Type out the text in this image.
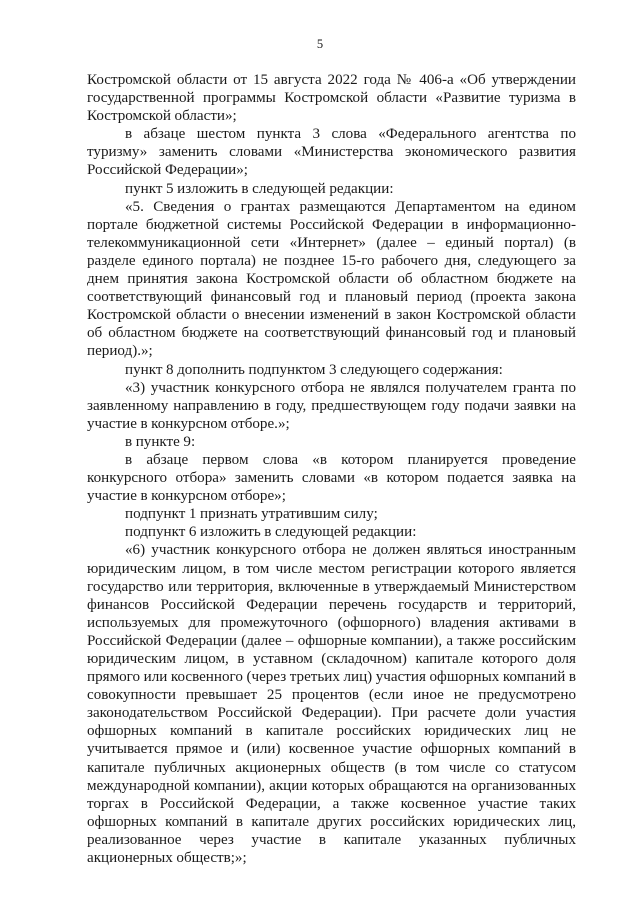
5

Костромской области от 15 августа 2022 года № 406-а «Об утверждении государственной программы Костромской области «Развитие туризма в Костромской области»;

в абзаце шестом пункта 3 слова «Федерального агентства по туризму» заменить словами «Министерства экономического развития Российской Федерации»;

пункт 5 изложить в следующей редакции:

«5. Сведения о грантах размещаются Департаментом на едином портале бюджетной системы Российской Федерации в информационно-телекоммуникационной сети «Интернет» (далее – единый портал) (в разделе единого портала) не позднее 15-го рабочего дня, следующего за днем принятия закона Костромской области об областном бюджете на соответствующий финансовый год и плановый период (проекта закона Костромской области о внесении изменений в закон Костромской области об областном бюджете на соответствующий финансовый год и плановый период).»;

пункт 8 дополнить подпунктом 3 следующего содержания:

«3) участник конкурсного отбора не являлся получателем гранта по заявленному направлению в году, предшествующем году подачи заявки на участие в конкурсном отборе.»;

в пункте 9:

в абзаце первом слова «в котором планируется проведение конкурсного отбора» заменить словами «в котором подается заявка на участие в конкурсном отборе»;

подпункт 1 признать утратившим силу;

подпункт 6 изложить в следующей редакции:

«6) участник конкурсного отбора не должен являться иностранным юридическим лицом, в том числе местом регистрации которого является государство или территория, включенные в утверждаемый Министерством финансов Российской Федерации перечень государств и территорий, используемых для промежуточного (офшорного) владения активами в Российской Федерации (далее – офшорные компании), а также российским юридическим лицом, в уставном (складочном) капитале которого доля прямого или косвенного (через третьих лиц) участия офшорных компаний в совокупности превышает 25 процентов (если иное не предусмотрено законодательством Российской Федерации). При расчете доли участия офшорных компаний в капитале российских юридических лиц не учитывается прямое и (или) косвенное участие офшорных компаний в капитале публичных акционерных обществ (в том числе со статусом международной компании), акции которых обращаются на организованных торгах в Российской Федерации, а также косвенное участие таких офшорных компаний в капитале других российских юридических лиц, реализованное через участие в капитале указанных публичных акционерных обществ;»;
